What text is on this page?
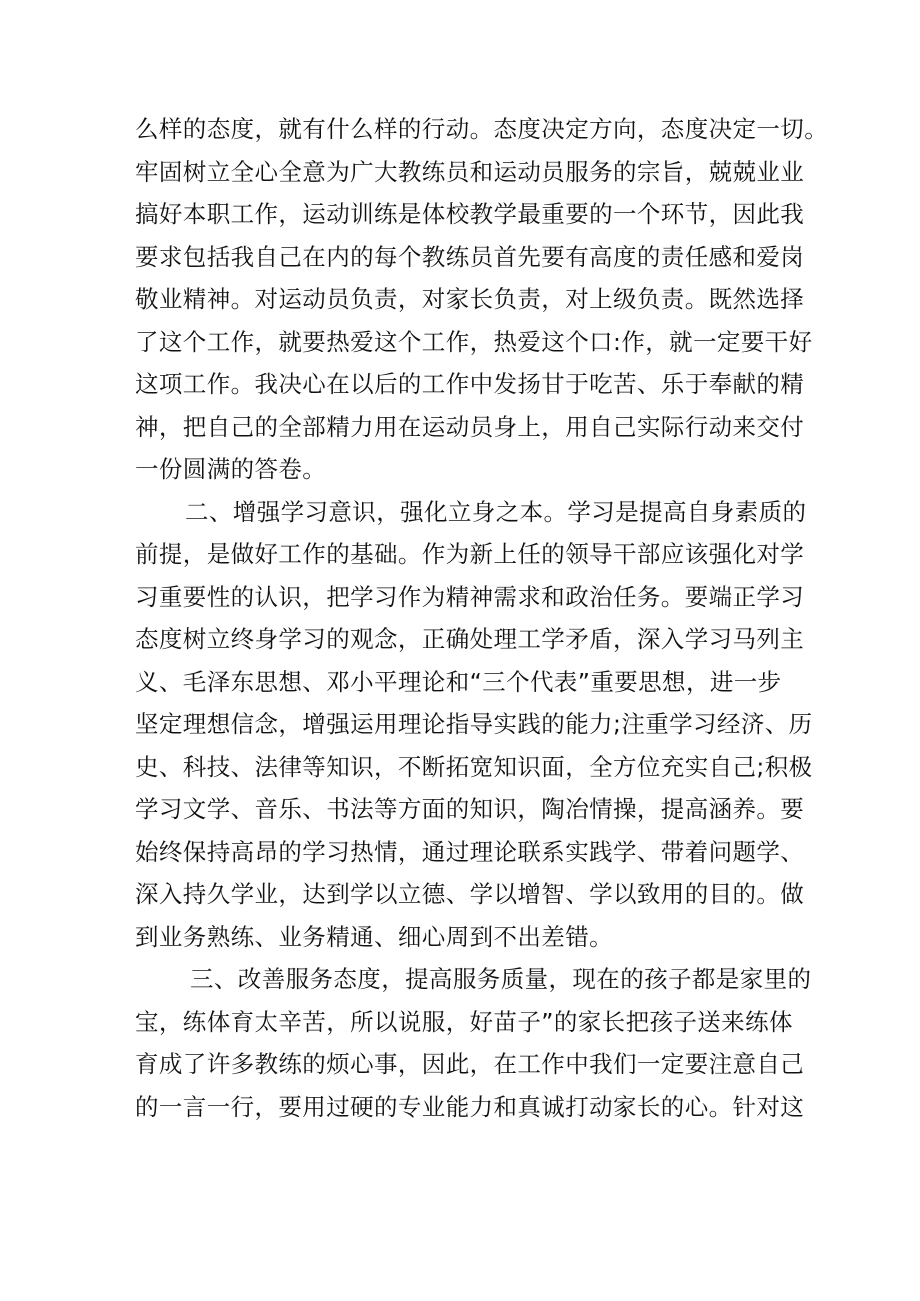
么样的态度，就有什么样的行动。态度决定方向，态度决定一切。
牢固树立全心全意为广大教练员和运动员服务的宗旨，兢兢业业
搞好本职工作，运动训练是体校教学最重要的一个环节，因此我
要求包括我自己在内的每个教练员首先要有高度的责任感和爱岗
敬业精神。对运动员负责，对家长负责，对上级负责。既然选择
了这个工作，就要热爱这个工作，热爱这个口:作，就一定要干好
这项工作。我决心在以后的工作中发扬甘于吃苦、乐于奉献的精
神，把自己的全部精力用在运动员身上，用自己实际行动来交付
一份圆满的答卷。
二、增强学习意识，强化立身之本。学习是提高自身素质的
前提，是做好工作的基础。作为新上任的领导干部应该强化对学
习重要性的认识，把学习作为精神需求和政治任务。要端正学习
态度树立终身学习的观念，正确处理工学矛盾，深入学习马列主
义、毛泽东思想、邓小平理论和“三个代表”重要思想，进一步
坚定理想信念，增强运用理论指导实践的能力;注重学习经济、历
史、科技、法律等知识，不断拓宽知识面，全方位充实自己;积极
学习文学、音乐、书法等方面的知识，陶冶情操，提高涵养。要
始终保持高昂的学习热情，通过理论联系实践学、带着问题学、
深入持久学业，达到学以立德、学以增智、学以致用的目的。做
到业务熟练、业务精通、细心周到不出差错。
三、改善服务态度，提高服务质量，现在的孩子都是家里的
宝，练体育太辛苦，所以说服，好苗子”的家长把孩子送来练体
育成了许多教练的烦心事，因此，在工作中我们一定要注意自己
的一言一行，要用过硬的专业能力和真诚打动家长的心。针对这
